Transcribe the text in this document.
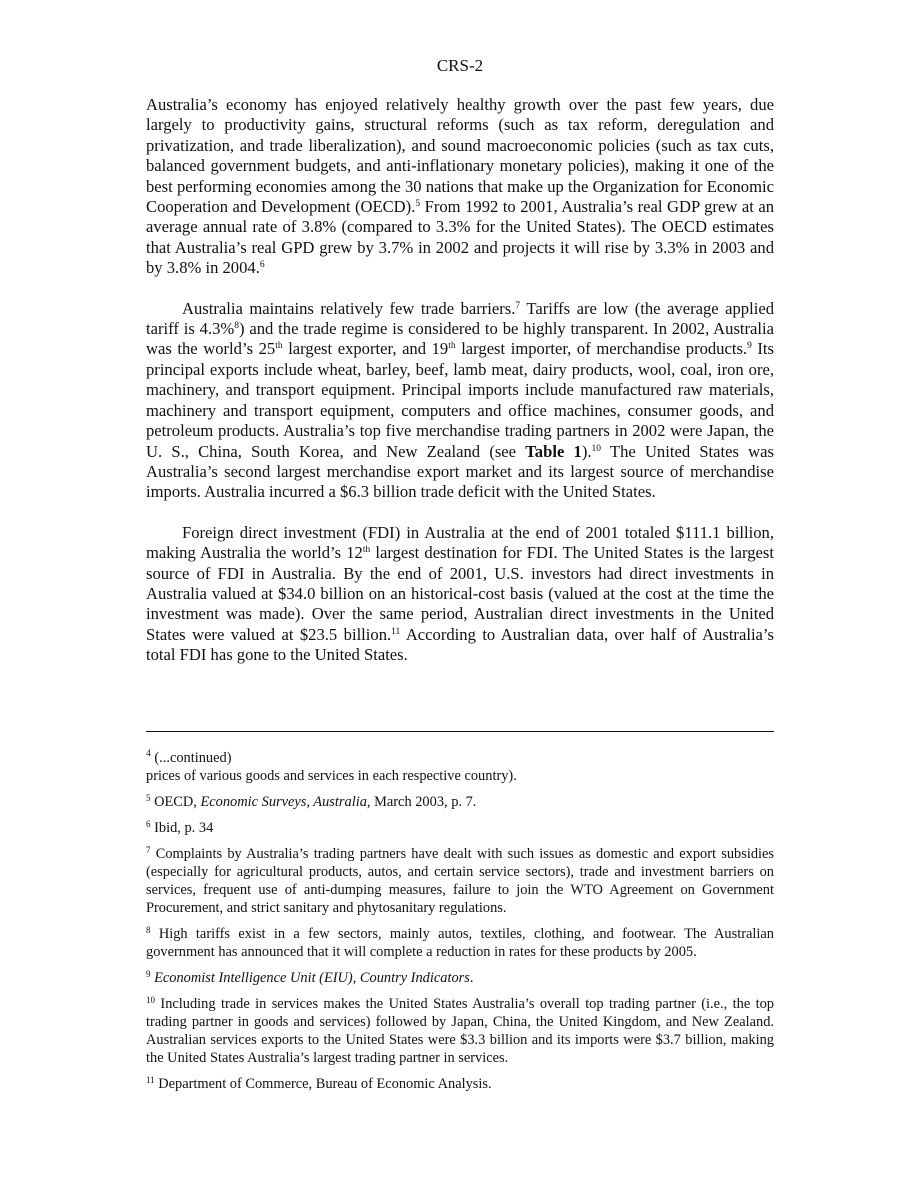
CRS-2

Australia’s economy has enjoyed relatively healthy growth over the past few years, due largely to productivity gains, structural reforms (such as tax reform, deregulation and privatization, and trade liberalization), and sound macroeconomic policies (such as tax cuts, balanced government budgets, and anti-inflationary monetary policies), making it one of the best performing economies among the 30 nations that make up the Organization for Economic Cooperation and Development (OECD).$^5$ From 1992 to 2001, Australia’s real GDP grew at an average annual rate of 3.8% (compared to 3.3% for the United States). The OECD estimates that Australia’s real GPD grew by 3.7% in 2002 and projects it will rise by 3.3% in 2003 and by 3.8% in 2004.$^6$

Australia maintains relatively few trade barriers.$^7$ Tariffs are low (the average applied tariff is 4.3%$^8$) and the trade regime is considered to be highly transparent. In 2002, Australia was the world’s 25th largest exporter, and 19th largest importer, of merchandise products.$^9$ Its principal exports include wheat, barley, beef, lamb meat, dairy products, wool, coal, iron ore, machinery, and transport equipment. Principal imports include manufactured raw materials, machinery and transport equipment, computers and office machines, consumer goods, and petroleum products. Australia’s top five merchandise trading partners in 2002 were Japan, the U. S., China, South Korea, and New Zealand (see Table 1).$^{10}$ The United States was Australia’s second largest merchandise export market and its largest source of merchandise imports. Australia incurred a $6.3 billion trade deficit with the United States.

Foreign direct investment (FDI) in Australia at the end of 2001 totaled $111.1 billion, making Australia the world’s 12th largest destination for FDI. The United States is the largest source of FDI in Australia. By the end of 2001, U.S. investors had direct investments in Australia valued at $34.0 billion on an historical-cost basis (valued at the cost at the time the investment was made). Over the same period, Australian direct investments in the United States were valued at $23.5 billion.$^{11}$ According to Australian data, over half of Australia’s total FDI has gone to the United States.

$^4$ (...continued)
prices of various goods and services in each respective country).

$^5$ OECD, Economic Surveys, Australia, March 2003, p. 7.

$^6$ Ibid, p. 34

$^7$ Complaints by Australia’s trading partners have dealt with such issues as domestic and export subsidies (especially for agricultural products, autos, and certain service sectors), trade and investment barriers on services, frequent use of anti-dumping measures, failure to join the WTO Agreement on Government Procurement, and strict sanitary and phytosanitary regulations.

$^8$ High tariffs exist in a few sectors, mainly autos, textiles, clothing, and footwear. The Australian government has announced that it will complete a reduction in rates for these products by 2005.

$^9$ Economist Intelligence Unit (EIU), Country Indicators.

$^{10}$ Including trade in services makes the United States Australia’s overall top trading partner (i.e., the top trading partner in goods and services) followed by Japan, China, the United Kingdom, and New Zealand. Australian services exports to the United States were $3.3 billion and its imports were $3.7 billion, making the United States Australia’s largest trading partner in services.

$^{11}$ Department of Commerce, Bureau of Economic Analysis.
